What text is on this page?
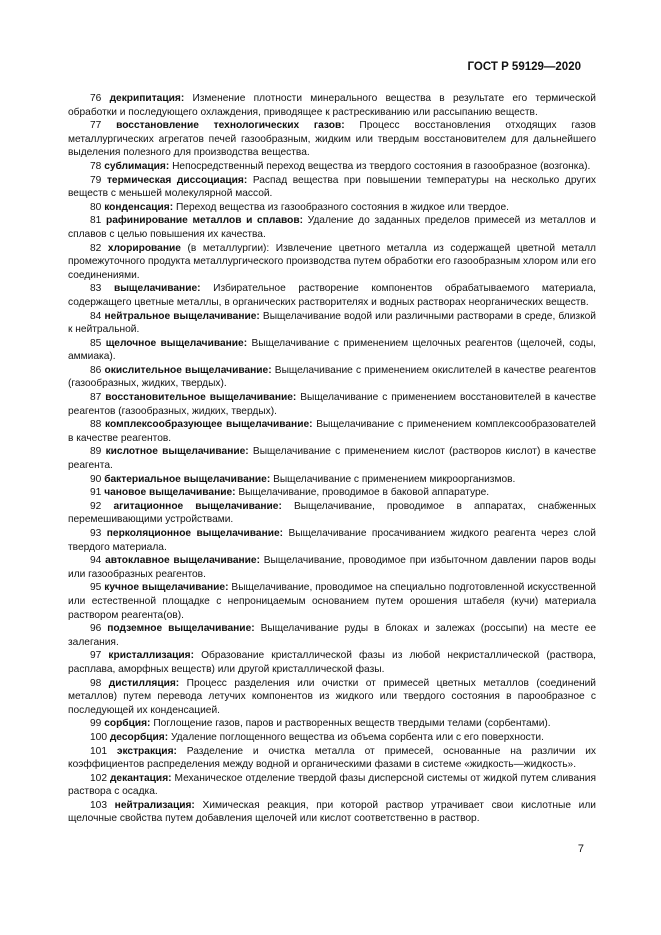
ГОСТ Р 59129—2020

76 декрипитация: Изменение плотности минерального вещества в результате его термической обработки и последующего охлаждения, приводящее к растрескиванию или рассыпанию веществ.

77 восстановление технологических газов: Процесс восстановления отходящих газов металлургических агрегатов печей газообразным, жидким или твердым восстановителем для дальнейшего выделения полезного для производства вещества.

78 сублимация: Непосредственный переход вещества из твердого состояния в газообразное (возгонка).

79 термическая диссоциация: Распад вещества при повышении температуры на несколько других веществ с меньшей молекулярной массой.

80 конденсация: Переход вещества из газообразного состояния в жидкое или твердое.

81 рафинирование металлов и сплавов: Удаление до заданных пределов примесей из металлов и сплавов с целью повышения их качества.

82 хлорирование (в металлургии): Извлечение цветного металла из содержащей цветной металл промежуточного продукта металлургического производства путем обработки его газообразным хлором или его соединениями.

83 выщелачивание: Избирательное растворение компонентов обрабатываемого материала, содержащего цветные металлы, в органических растворителях и водных растворах неорганических веществ.

84 нейтральное выщелачивание: Выщелачивание водой или различными растворами в среде, близкой к нейтральной.

85 щелочное выщелачивание: Выщелачивание с применением щелочных реагентов (щелочей, соды, аммиака).

86 окислительное выщелачивание: Выщелачивание с применением окислителей в качестве реагентов (газообразных, жидких, твердых).

87 восстановительное выщелачивание: Выщелачивание с применением восстановителей в качестве реагентов (газообразных, жидких, твердых).

88 комплексообразующее выщелачивание: Выщелачивание с применением комплексообразователей в качестве реагентов.

89 кислотное выщелачивание: Выщелачивание с применением кислот (растворов кислот) в качестве реагента.

90 бактериальное выщелачивание: Выщелачивание с применением микроорганизмов.

91 чановое выщелачивание: Выщелачивание, проводимое в баковой аппаратуре.

92 агитационное выщелачивание: Выщелачивание, проводимое в аппаратах, снабженных перемешивающими устройствами.

93 перколяционное выщелачивание: Выщелачивание просачиванием жидкого реагента через слой твердого материала.

94 автоклавное выщелачивание: Выщелачивание, проводимое при избыточном давлении паров воды или газообразных реагентов.

95 кучное выщелачивание: Выщелачивание, проводимое на специально подготовленной искусственной или естественной площадке с непроницаемым основанием путем орошения штабеля (кучи) материала раствором реагента(ов).

96 подземное выщелачивание: Выщелачивание руды в блоках и залежах (россыпи) на месте ее залегания.

97 кристаллизация: Образование кристаллической фазы из любой некристаллической (раствора, расплава, аморфных веществ) или другой кристаллической фазы.

98 дистилляция: Процесс разделения или очистки от примесей цветных металлов (соединений металлов) путем перевода летучих компонентов из жидкого или твердого состояния в парообразное с последующей их конденсацией.

99 сорбция: Поглощение газов, паров и растворенных веществ твердыми телами (сорбентами).

100 десорбция: Удаление поглощенного вещества из объема сорбента или с его поверхности.

101 экстракция: Разделение и очистка металла от примесей, основанные на различии их коэффициентов распределения между водной и органическими фазами в системе «жидкость—жидкость».

102 декантация: Механическое отделение твердой фазы дисперсной системы от жидкой путем сливания раствора с осадка.

103 нейтрализация: Химическая реакция, при которой раствор утрачивает свои кислотные или щелочные свойства путем добавления щелочей или кислот соответственно в раствор.

7
